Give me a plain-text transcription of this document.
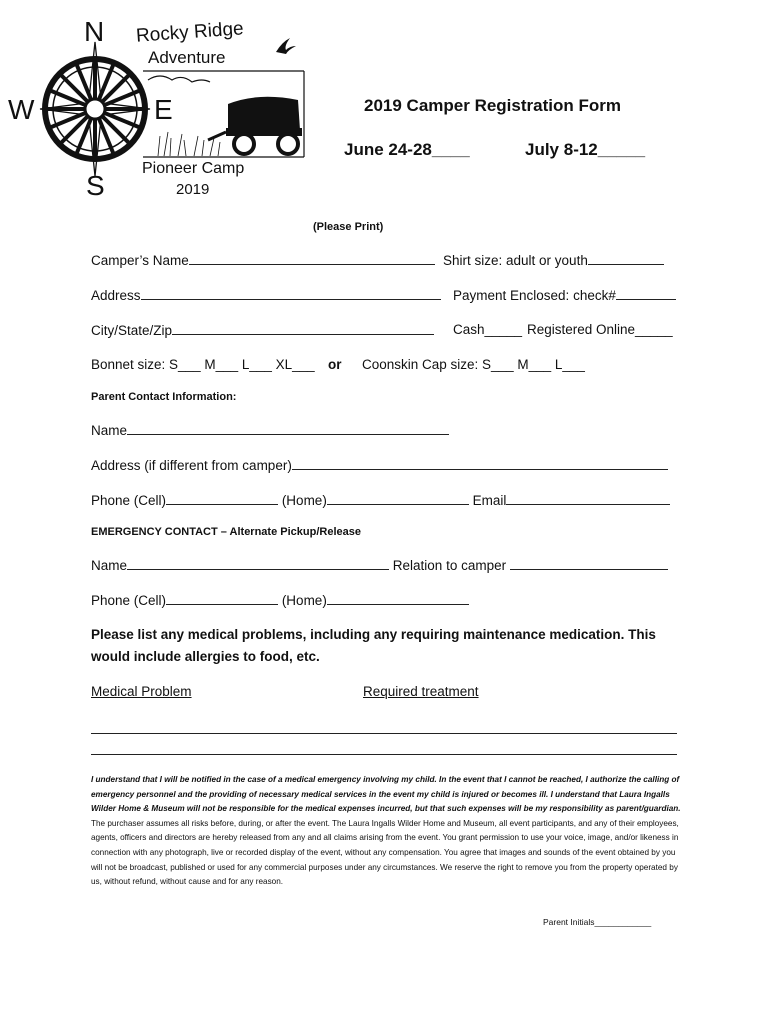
N
S
W	E
Rocky Ridge
Adventure
Pioneer Camp
2019
2019 Camper Registration Form
June 24-28____	July 8-12_____
(Please Print)
Camper’s Name	Shirt size: adult or youth
Address	Payment Enclosed: check#
City/State/Zip	Cash_____ Registered Online_____
Bonnet size: S___ M___ L___ XL___ or Coonskin Cap size: S___ M___ L___
Parent Contact Information:
Name
Address (if different from camper)
Phone (Cell)	(Home)	Email
EMERGENCY CONTACT – Alternate Pickup/Release
Name	Relation to camper
Phone (Cell)	(Home)
Please list any medical problems, including any requiring maintenance medication. This would include allergies to food, etc.
Medical Problem	Required treatment
I understand that I will be notified in the case of a medical emergency involving my child. In the event that I cannot be reached, I authorize the calling of emergency personnel and the providing of necessary medical services in the event my child is injured or becomes ill. I understand that Laura Ingalls Wilder Home & Museum will not be responsible for the medical expenses incurred, but that such expenses will be my responsibility as parent/guardian. The purchaser assumes all risks before, during, or after the event. The Laura Ingalls Wilder Home and Museum, all event participants, and any of their employees, agents, officers and directors are hereby released from any and all claims arising from the event. You grant permission to use your voice, image, and/or likeness in connection with any photograph, live or recorded display of the event, without any compensation. You agree that images and sounds of the event obtained by you will not be broadcast, published or used for any commercial purposes under any circumstances. We reserve the right to remove you from the property operated by us, without refund, without cause and for any reason.
Parent Initials____________
